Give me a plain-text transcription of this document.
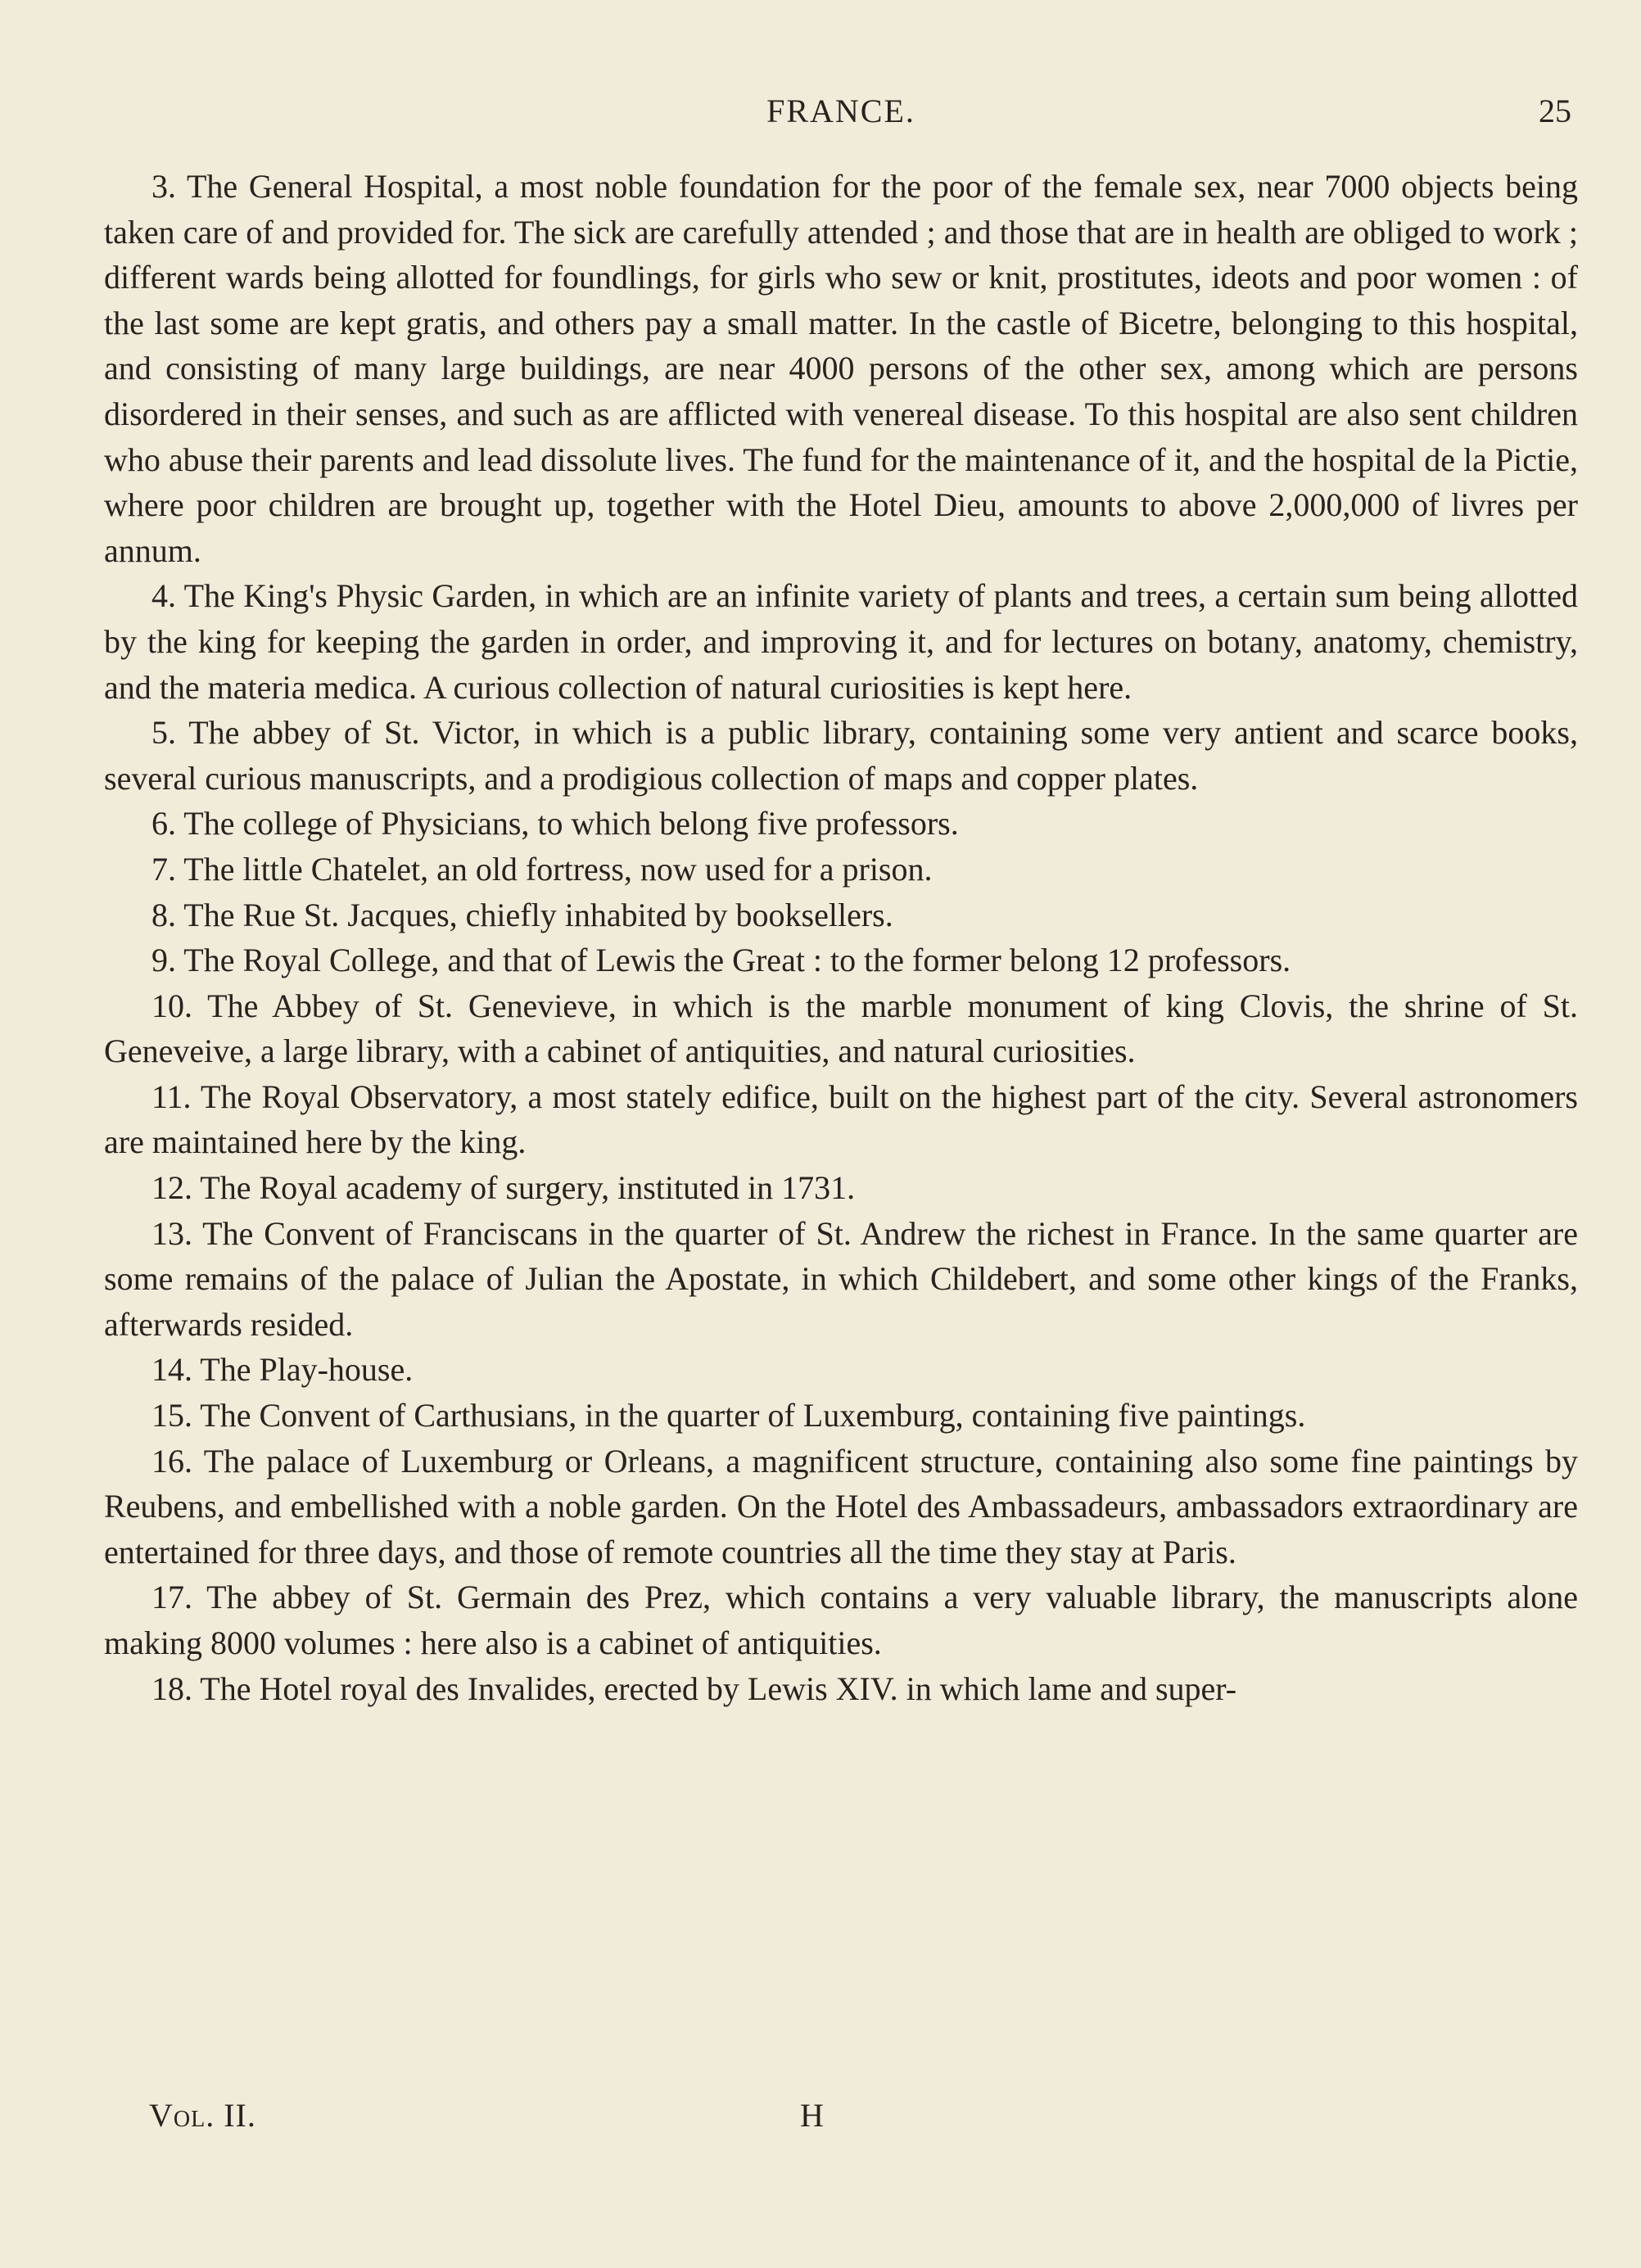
FRANCE.	25

3. The General Hospital, a most noble foundation for the poor of the female sex, near 7000 objects being taken care of and provided for. The sick are carefully attended ; and those that are in health are obliged to work ; different wards being allotted for foundlings, for girls who sew or knit, prostitutes, ideots and poor women : of the last some are kept gratis, and others pay a small matter. In the castle of Bicetre, belonging to this hospital, and consisting of many large buildings, are near 4000 persons of the other sex, among which are persons disordered in their senses, and such as are afflicted with venereal disease. To this hospital are also sent children who abuse their parents and lead dissolute lives. The fund for the maintenance of it, and the hospital de la Pictie, where poor children are brought up, together with the Hotel Dieu, amounts to above 2,000,000 of livres per annum.

4. The King's Physic Garden, in which are an infinite variety of plants and trees, a certain sum being allotted by the king for keeping the garden in order, and improving it, and for lectures on botany, anatomy, chemistry, and the materia medica. A curious collection of natural curiosities is kept here.

5. The abbey of St. Victor, in which is a public library, containing some very antient and scarce books, several curious manuscripts, and a prodigious collection of maps and copper plates.

6. The college of Physicians, to which belong five professors.

7. The little Chatelet, an old fortress, now used for a prison.

8. The Rue St. Jacques, chiefly inhabited by booksellers.

9. The Royal College, and that of Lewis the Great : to the former belong 12 professors.

10. The Abbey of St. Genevieve, in which is the marble monument of king Clovis, the shrine of St. Geneveive, a large library, with a cabinet of antiquities, and natural curiosities.

11. The Royal Observatory, a most stately edifice, built on the highest part of the city. Several astronomers are maintained here by the king.

12. The Royal academy of surgery, instituted in 1731.

13. The Convent of Franciscans in the quarter of St. Andrew the richest in France. In the same quarter are some remains of the palace of Julian the Apostate, in which Childebert, and some other kings of the Franks, afterwards resided.

14. The Play-house.

15. The Convent of Carthusians, in the quarter of Luxemburg, containing five paintings.

16. The palace of Luxemburg or Orleans, a magnificent structure, containing also some fine paintings by Reubens, and embellished with a noble garden. On the Hotel des Ambassadeurs, ambassadors extraordinary are entertained for three days, and those of remote countries all the time they stay at Paris.

17. The abbey of St. Germain des Prez, which contains a very valuable library, the manuscripts alone making 8000 volumes : here also is a cabinet of antiquities.

18. The Hotel royal des Invalides, erected by Lewis XIV. in which lame and super-

Vol. II.	H
